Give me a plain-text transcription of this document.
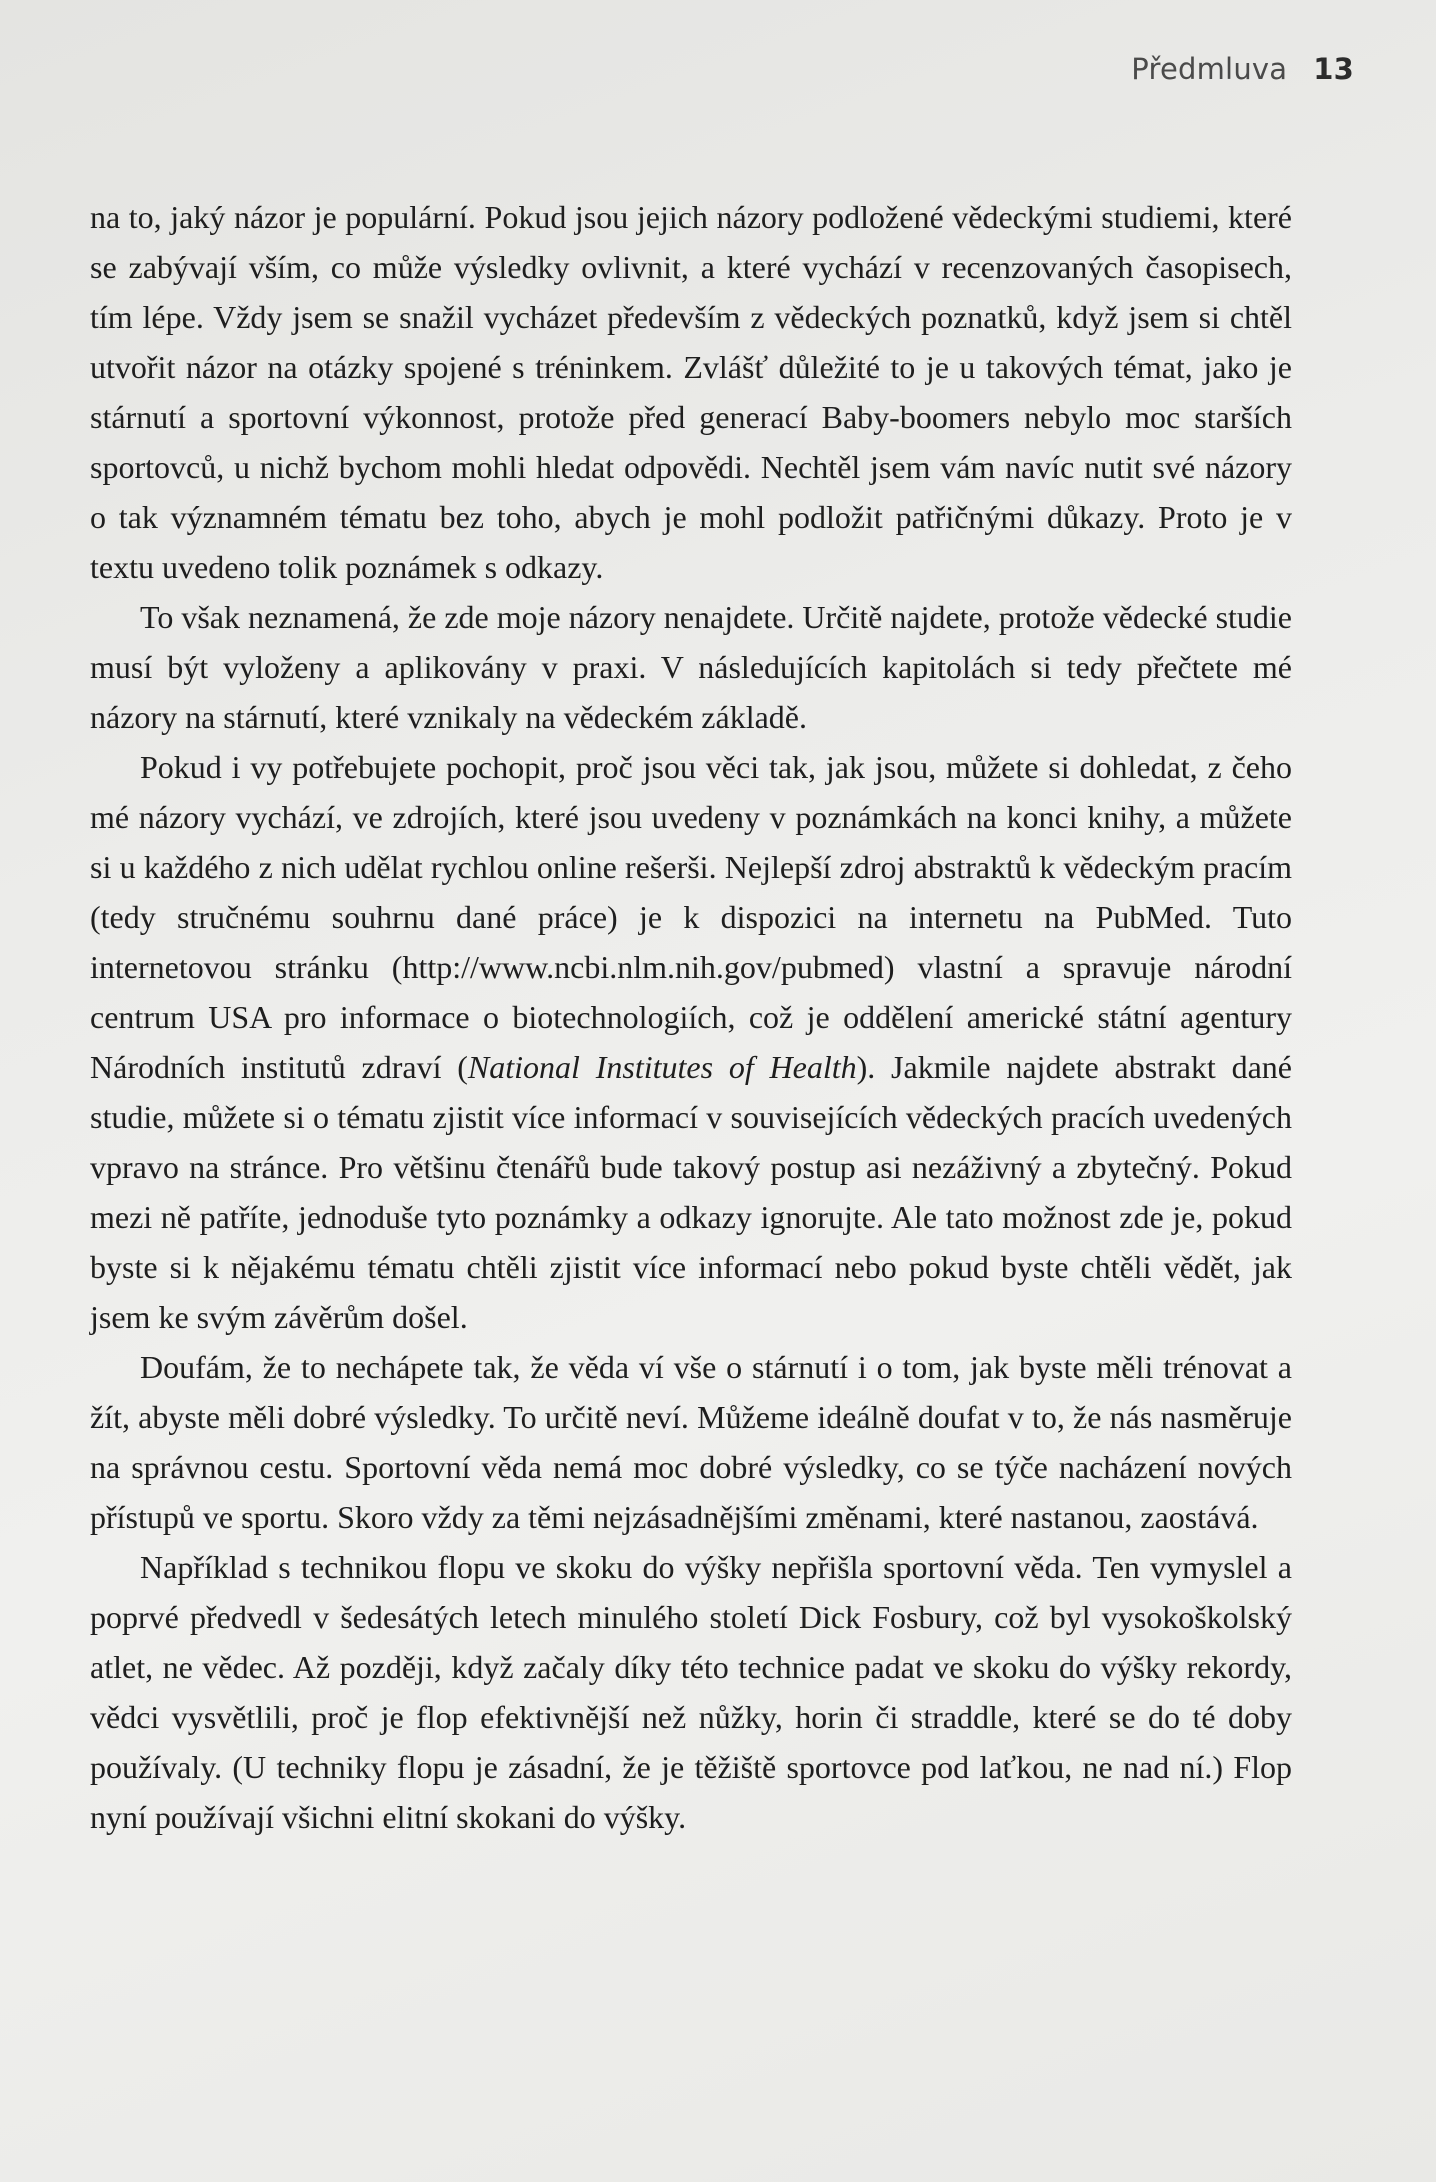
Předmluva 13

na to, jaký názor je populární. Pokud jsou jejich názory podložené vědeckými studiemi, které se zabývají vším, co může výsledky ovlivnit, a které vychází v recenzovaných časopisech, tím lépe. Vždy jsem se snažil vycházet především z vědeckých poznatků, když jsem si chtěl utvořit názor na otázky spojené s tréninkem. Zvlášť důležité to je u takových témat, jako je stárnutí a sportovní výkonnost, protože před generací Baby-boomers nebylo moc starších sportovců, u nichž bychom mohli hledat odpovědi. Nechtěl jsem vám navíc nutit své názory o tak významném tématu bez toho, abych je mohl podložit patřičnými důkazy. Proto je v textu uvedeno tolik poznámek s odkazy.

To však neznamená, že zde moje názory nenajdete. Určitě najdete, protože vědecké studie musí být vyloženy a aplikovány v praxi. V následujících kapitolách si tedy přečtete mé názory na stárnutí, které vznikaly na vědeckém základě.

Pokud i vy potřebujete pochopit, proč jsou věci tak, jak jsou, můžete si dohledat, z čeho mé názory vychází, ve zdrojích, které jsou uvedeny v poznámkách na konci knihy, a můžete si u každého z nich udělat rychlou online rešerši. Nejlepší zdroj abstraktů k vědeckým pracím (tedy stručnému souhrnu dané práce) je k dispozici na internetu na PubMed. Tuto internetovou stránku (http://www.ncbi.nlm.nih.gov/pubmed) vlastní a spravuje národní centrum USA pro informace o biotechnologiích, což je oddělení americké státní agentury Národních institutů zdraví (National Institutes of Health). Jakmile najdete abstrakt dané studie, můžete si o tématu zjistit více informací v souvisejících vědeckých pracích uvedených vpravo na stránce. Pro většinu čtenářů bude takový postup asi nezáživný a zbytečný. Pokud mezi ně patříte, jednoduše tyto poznámky a odkazy ignorujte. Ale tato možnost zde je, pokud byste si k nějakému tématu chtěli zjistit více informací nebo pokud byste chtěli vědět, jak jsem ke svým závěrům došel.

Doufám, že to nechápete tak, že věda ví vše o stárnutí i o tom, jak byste měli trénovat a žít, abyste měli dobré výsledky. To určitě neví. Můžeme ideálně doufat v to, že nás nasměruje na správnou cestu. Sportovní věda nemá moc dobré výsledky, co se týče nacházení nových přístupů ve sportu. Skoro vždy za těmi nejzásadnějšími změnami, které nastanou, zaostává.

Například s technikou flopu ve skoku do výšky nepřišla sportovní věda. Ten vymyslel a poprvé předvedl v šedesátých letech minulého století Dick Fosbury, což byl vysokoškolský atlet, ne vědec. Až později, když začaly díky této technice padat ve skoku do výšky rekordy, vědci vysvětlili, proč je flop efektivnější než nůžky, horin či straddle, které se do té doby používaly. (U techniky flopu je zásadní, že je těžiště sportovce pod laťkou, ne nad ní.) Flop nyní používají všichni elitní skokani do výšky.
